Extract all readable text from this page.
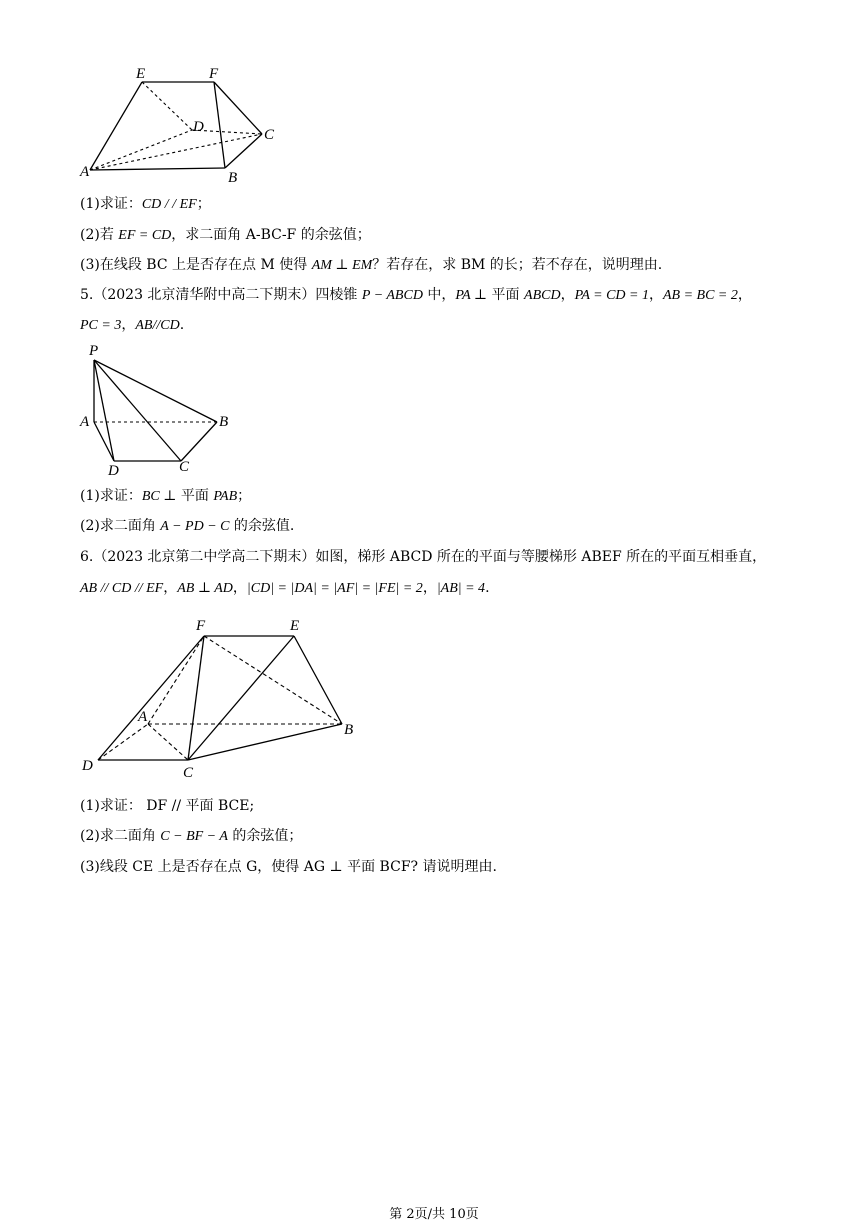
E	F
D	C
A	B
(1)求证：CD / / EF；
(2)若 EF = CD，求二面角 A-BC-F 的余弦值；
(3)在线段 BC 上是否存在点 M 使得 AM ⊥ EM？若存在，求 BM 的长；若不存在，说明理由.
5.（2023 北京清华附中高二下期末）四棱锥 P − ABCD 中，PA ⊥ 平面 ABCD，PA = CD = 1，AB = BC = 2，
PC = 3，AB//CD.
P
A	B
D	C
(1)求证：BC ⊥ 平面 PAB；
(2)求二面角 A − PD − C 的余弦值.
6.（2023 北京第二中学高二下期末）如图，梯形 ABCD 所在的平面与等腰梯形 ABEF 所在的平面互相垂直，
AB // CD // EF，AB ⊥ AD，|CD| = |DA| = |AF| = |FE| = 2，|AB| = 4.
F	E
A
B
D	C
(1)求证： DF // 平面 BCE;
(2)求二面角 C − BF − A 的余弦值；
(3)线段 CE 上是否存在点 G，使得 AG ⊥ 平面 BCF? 请说明理由.
第 2页/共 10页
